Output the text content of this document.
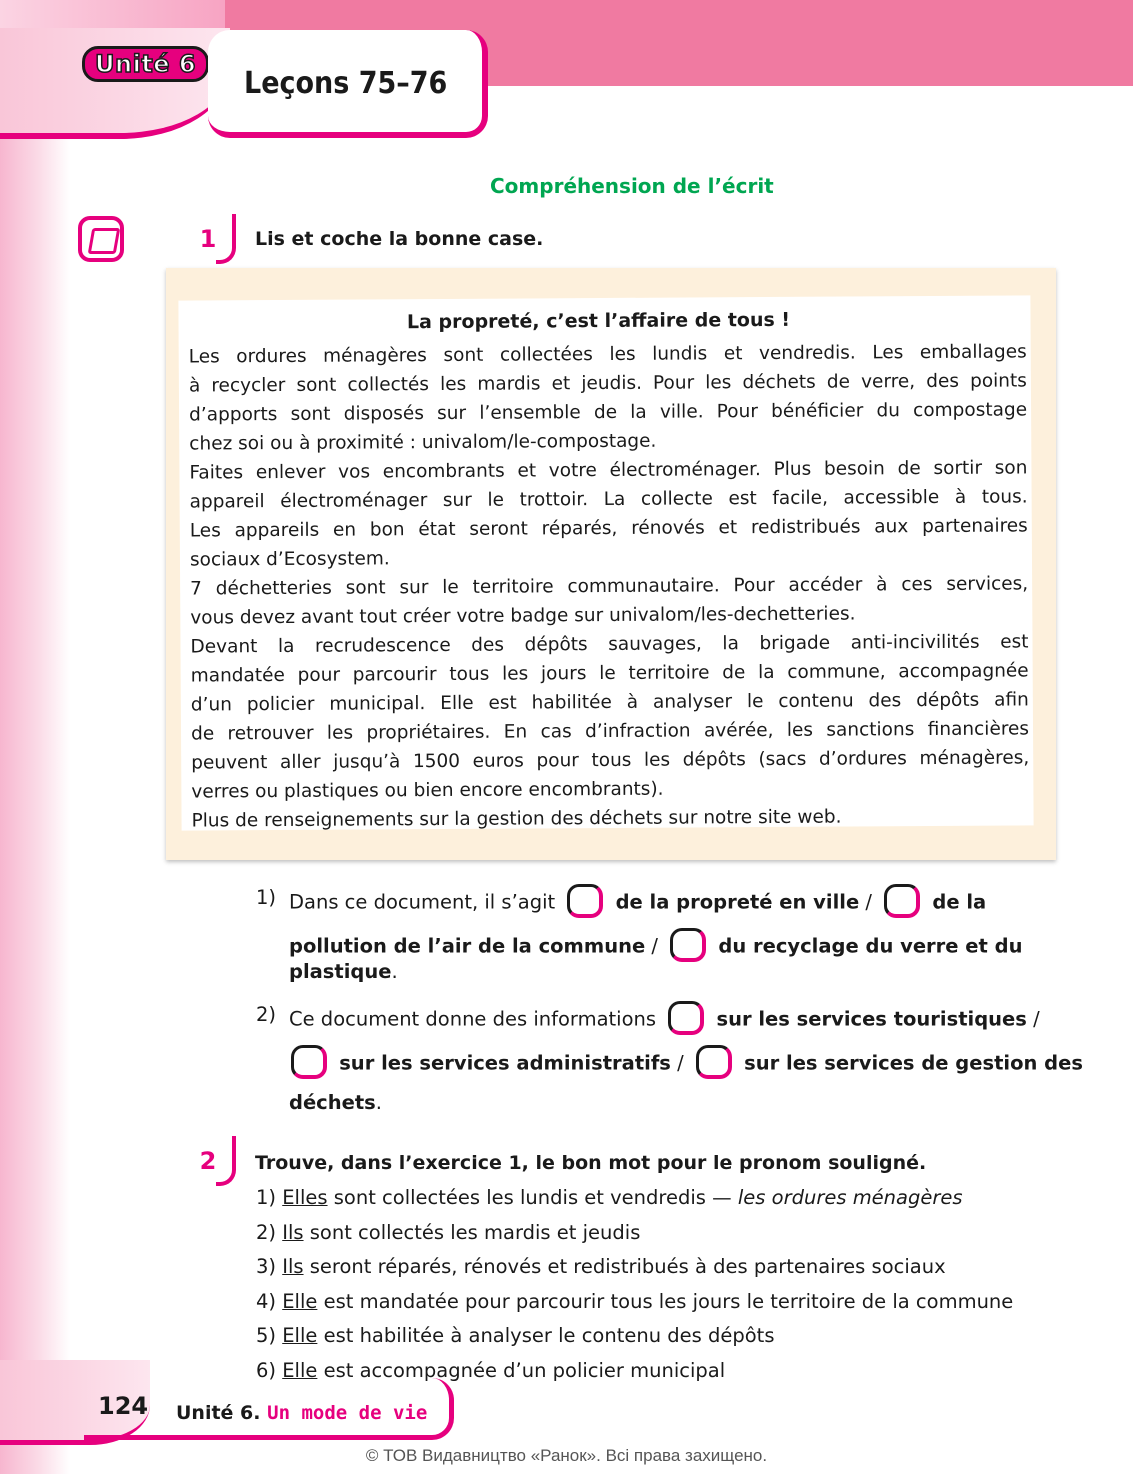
Unité 6
Leçons 75–76
Compréhension de l’écrit
1	Lis et coche la bonne case.
La propreté, c’est l’affaire de tous !
Les ordures ménagères sont collectées les lundis et vendredis. Les emballages
à recycler sont collectés les mardis et jeudis. Pour les déchets de verre, des points
d’apports sont disposés sur l’ensemble de la ville. Pour bénéficier du compostage
chez soi ou à proximité : univalom/le-compostage.
Faites enlever vos encombrants et votre électroménager. Plus besoin de sortir son
appareil électroménager sur le trottoir. La collecte est facile, accessible à tous.
Les appareils en bon état seront réparés, rénovés et redistribués aux partenaires
sociaux d’Ecosystem.
7 déchetteries sont sur le territoire communautaire. Pour accéder à ces services,
vous devez avant tout créer votre badge sur univalom/les-dechetteries.
Devant la recrudescence des dépôts sauvages, la brigade anti-incivilités est
mandatée pour parcourir tous les jours le territoire de la commune, accompagnée
d’un policier municipal. Elle est habilitée à analyser le contenu des dépôts afin
de retrouver les propriétaires. En cas d’infraction avérée, les sanctions financières
peuvent aller jusqu’à 1500 euros pour tous les dépôts (sacs d’ordures ménagères,
verres ou plastiques ou bien encore encombrants).
Plus de renseignements sur la gestion des déchets sur notre site web.
1) Dans ce document, il s’agit	de la propreté en ville /	de la
pollution de l’air de la commune /	du recyclage du verre et du
plastique.
2) Ce document donne des informations	sur les services touristiques /
sur les services administratifs /	sur les services de gestion des
déchets.
2	Trouve, dans l’exercice 1, le bon mot pour le pronom souligné.
1) Elles sont collectées les lundis et vendredis — les ordures ménagères
2) Ils sont collectés les mardis et jeudis
3) Ils seront réparés, rénovés et redistribués à des partenaires sociaux
4) Elle est mandatée pour parcourir tous les jours le territoire de la commune
5) Elle est habilitée à analyser le contenu des dépôts
6) Elle est accompagnée d’un policier municipal
124 Unité 6. Un mode de vie
© ТОВ Видавництво «Ранок». Всі права захищено.
